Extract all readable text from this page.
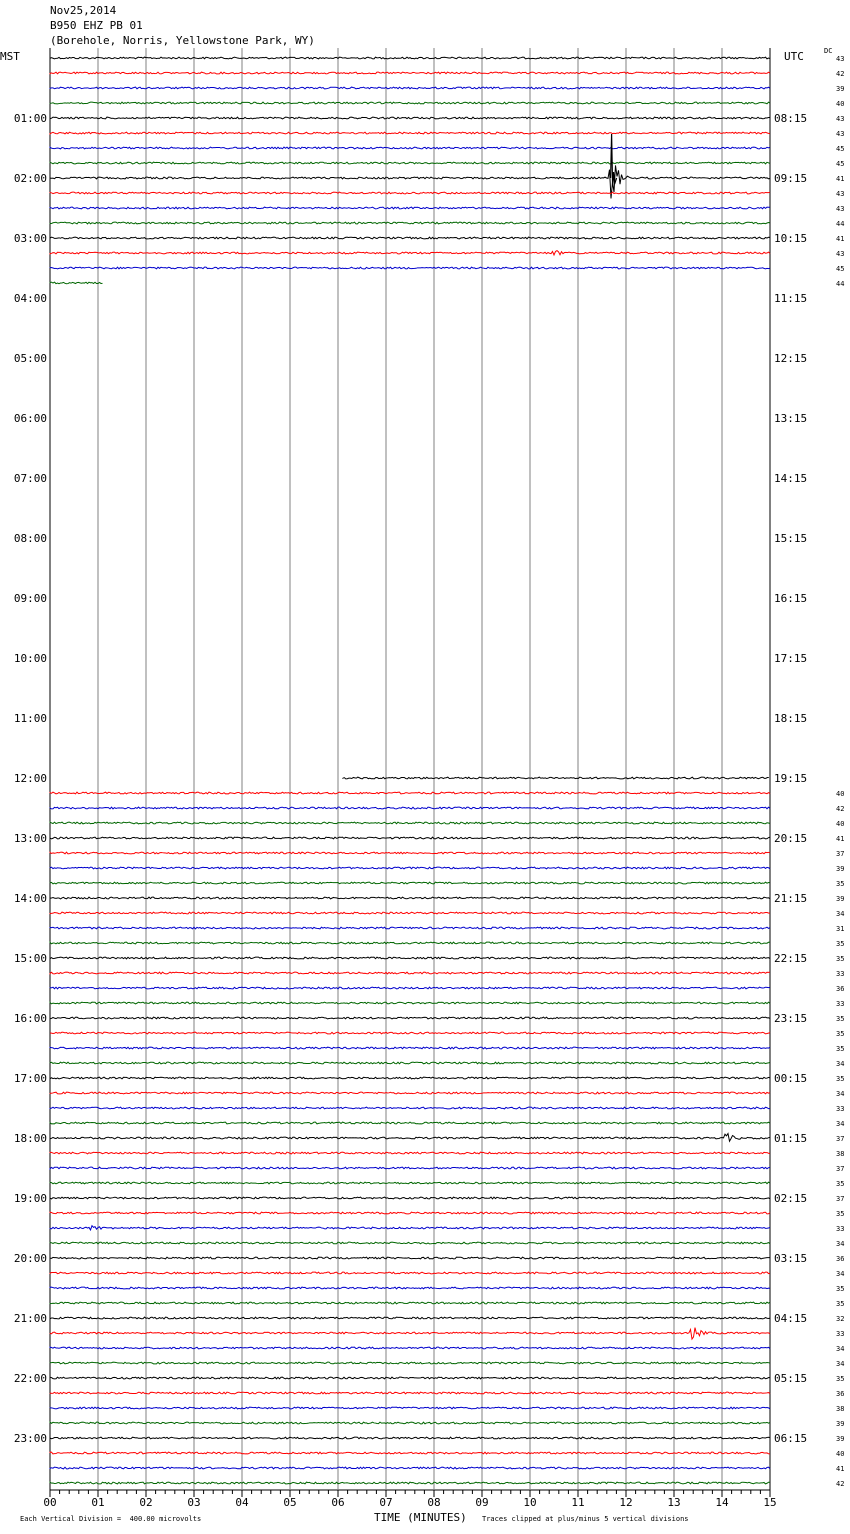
Nov25,2014
B950 EHZ PB 01
(Borehole, Norris, Yellowstone Park, WY)
MST	UTC	DC
00	01	02	03	04	05	06	07	08	09	10	11	12	13	14	15
01:00
02:00
03:00
04:00
05:00
06:00
07:00
08:00
09:00
10:00
11:00
12:00
13:00
14:00
15:00
16:00
17:00
18:00
19:00
20:00
21:00
22:00
23:00
08:15
09:15
10:15
11:15
12:15
13:15
14:15
15:15
16:15
17:15
18:15
19:15
20:15
21:15
22:15
23:15
00:15
01:15
02:15
03:15
04:15
05:15
06:15
43
42
39
40
43
43
45
45
41
43
43
44
41
43
45
44
40
42
40
41
37
39
35
39
34
31
35
35
33
36
33
35
35
35
34
35
34
33
34
37
38
37
35
37
35
33
34
36
34
35
35
32
33
34
34
35
36
38
39
39
40
41
42
Each Vertical Division =  400.00 microvolts	TIME (MINUTES) Traces clipped at plus/minus 5 vertical divisions
